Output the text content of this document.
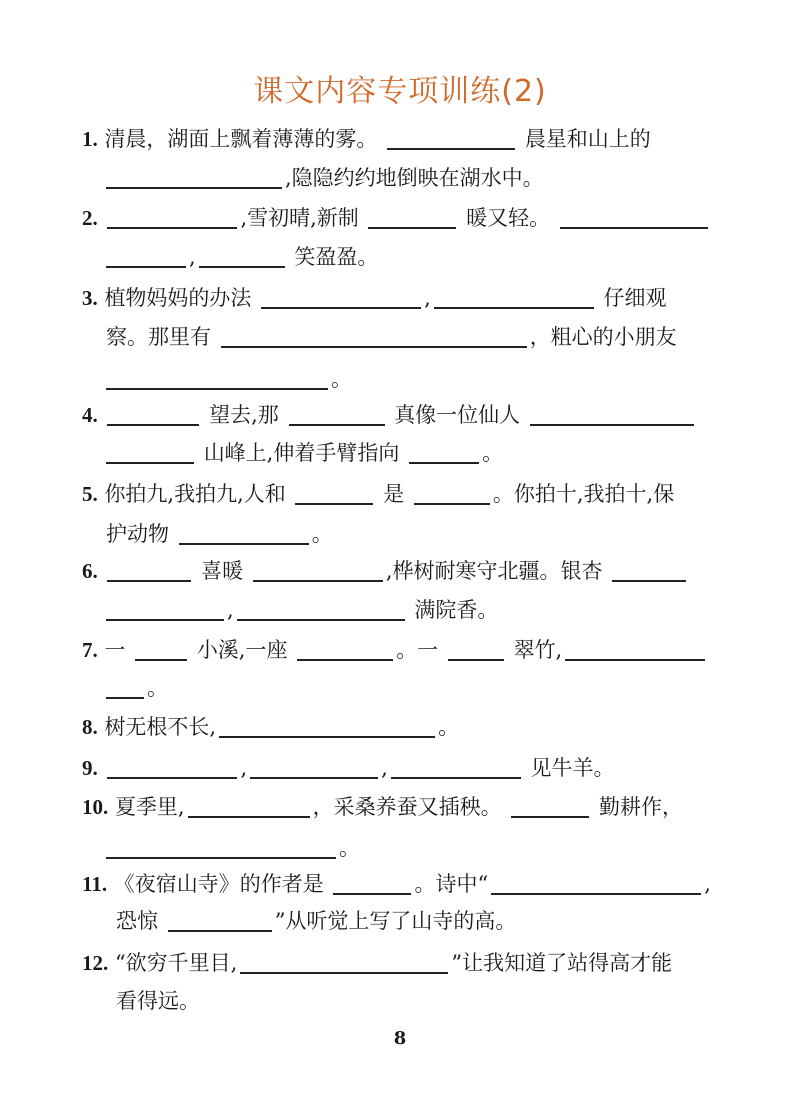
课文内容专项训练(2)
1. 清晨，湖面上飘着薄薄的雾。	晨星和山上的
,隐隐约约地倒映在湖水中。
2.	,雪初晴,新制	暖又轻。
,	笑盈盈。
3. 植物妈妈的办法	,	仔细观
察。那里有	，粗心的小朋友
。
4.	望去,那	真像一位仙人
山峰上,伸着手臂指向	。
5. 你拍九,我拍九,人和	是	。你拍十,我拍十,保
护动物	。
6.	喜暖	,桦树耐寒守北疆。银杏
,	满院香。
7. 一	小溪,一座	。一	翠竹,
。
8. 树无根不长,	。
9.	,	,	见牛羊。
10. 夏季里,	，采桑养蚕又插秧。	勤耕作，
。
11. 《夜宿山寺》的作者是	。诗中“	,
恐惊	”从听觉上写了山寺的高。
12. “欲穷千里目,	”让我知道了站得高才能
看得远。
8
